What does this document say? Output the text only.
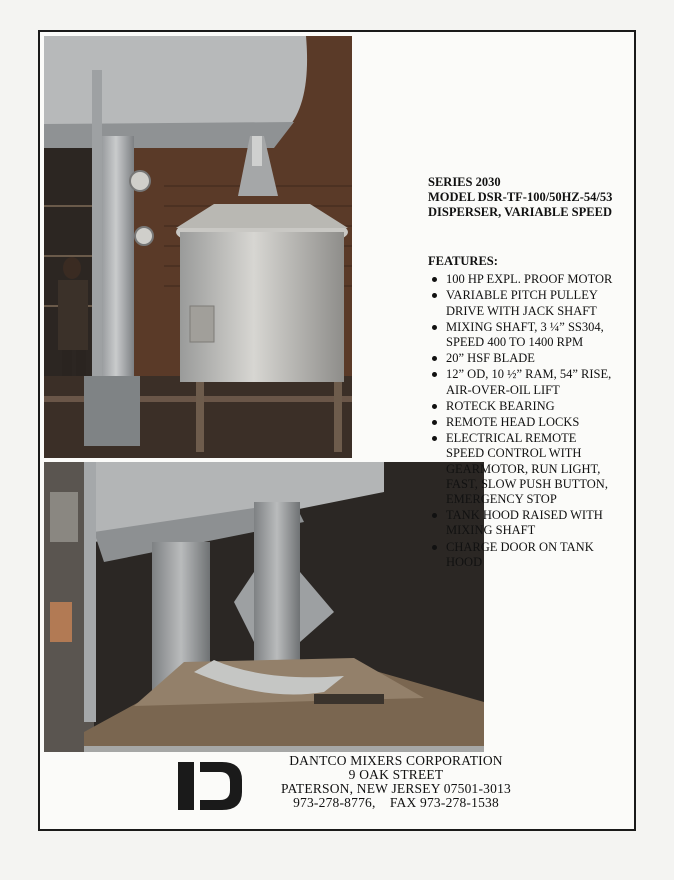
SERIES 2030
MODEL DSR-TF-100/50HZ-54/53
DISPERSER, VARIABLE SPEED
FEATURES:
100 HP EXPL. PROOF MOTOR
VARIABLE PITCH PULLEY
DRIVE WITH JACK SHAFT
MIXING SHAFT, 3 ¼” SS304,
SPEED 400 TO 1400 RPM
20” HSF BLADE
12” OD, 10 ½” RAM, 54” RISE,
AIR-OVER-OIL LIFT
ROTECK BEARING
REMOTE HEAD LOCKS
ELECTRICAL REMOTE
SPEED CONTROL WITH
GEARMOTOR, RUN LIGHT,
FAST, SLOW PUSH BUTTON,
EMERGENCY STOP
TANK HOOD RAISED WITH
MIXING SHAFT
CHARGE DOOR ON TANK
HOOD
DANTCO MIXERS CORPORATION
9 OAK STREET
PATERSON, NEW JERSEY 07501-3013
973-278-8776,    FAX 973-278-1538
